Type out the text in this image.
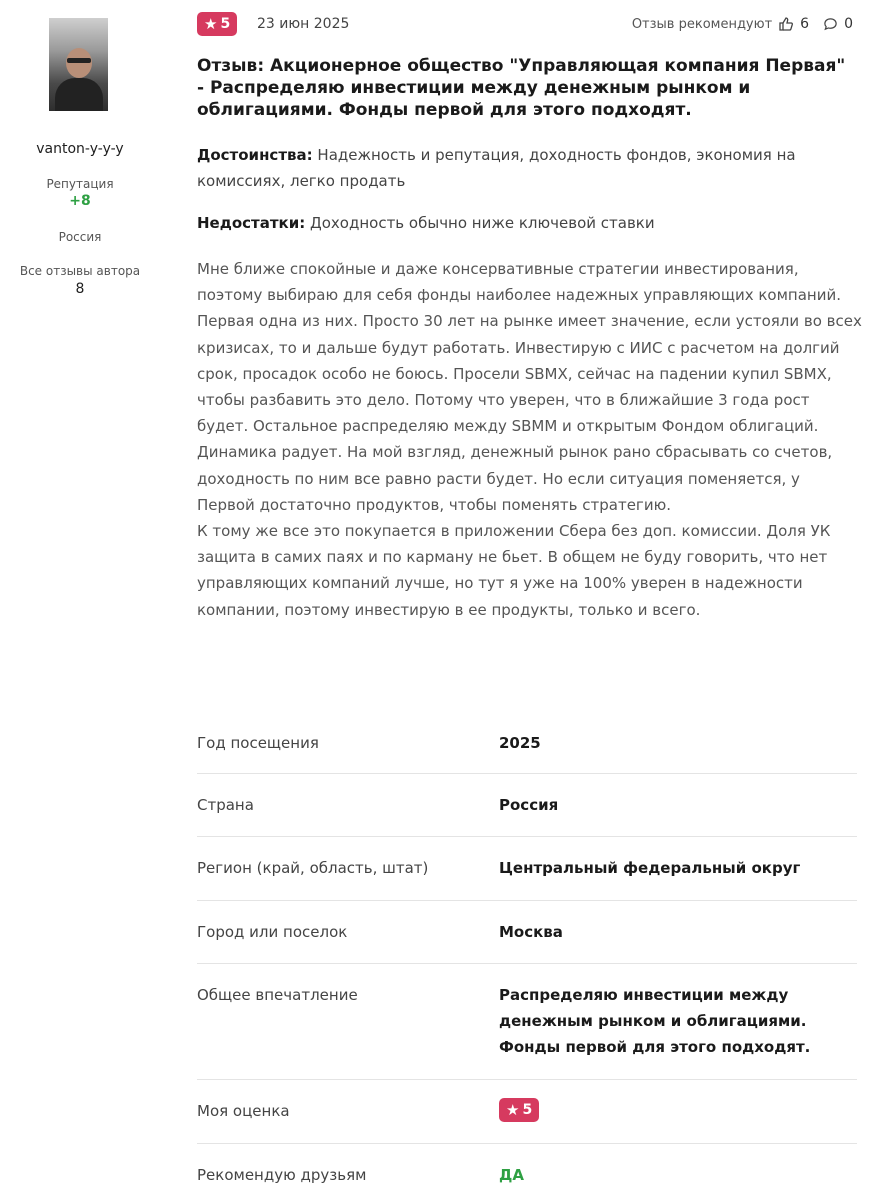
vanton-y-y-y
Репутация
+8
Россия
Все отзывы автора
8
★ 5 23 июн 2025	Отзыв рекомендуют 6	0
Отзыв: Акционерное общество "Управляющая компания Первая" - Распределяю инвестиции между денежным рынком и облигациями. Фонды первой для этого подходят.
Достоинства: Надежность и репутация, доходность фондов, экономия на комиссиях, легко продать
Недостатки: Доходность обычно ниже ключевой ставки

Мне ближе спокойные и даже консервативные стратегии инвестирования, поэтому выбираю для себя фонды наиболее надежных управляющих компаний. Первая одна из них. Просто 30 лет на рынке имеет значение, если устояли во всех кризисах, то и дальше будут работать. Инвестирую с ИИС с расчетом на долгий срок, просадок особо не боюсь. Просели SBMX, сейчас на падении купил SBMX, чтобы разбавить это дело. Потому что уверен, что в ближайшие 3 года рост будет. Остальное распределяю между SBMM и открытым Фондом облигаций. Динамика радует. На мой взгляд, денежный рынок рано сбрасывать со счетов, доходность по ним все равно расти будет. Но если ситуация поменяется, у Первой достаточно продуктов, чтобы поменять стратегию.

К тому же все это покупается в приложении Сбера без доп. комиссии. Доля УК защита в самих паях и по карману не бьет. В общем не буду говорить, что нет управляющих компаний лучше, но тут я уже на 100% уверен в надежности компании, поэтому инвестирую в ее продукты, только и всего.

Год посещения	2025
Страна	Россия
Регион (край, область, штат)	Центральный федеральный округ
Город или поселок	Москва
Общее впечатление	Распределяю инвестиции между денежным рынком и облигациями. Фонды первой для этого подходят.
Моя оценка	★ 5
Рекомендую друзьям	ДА
